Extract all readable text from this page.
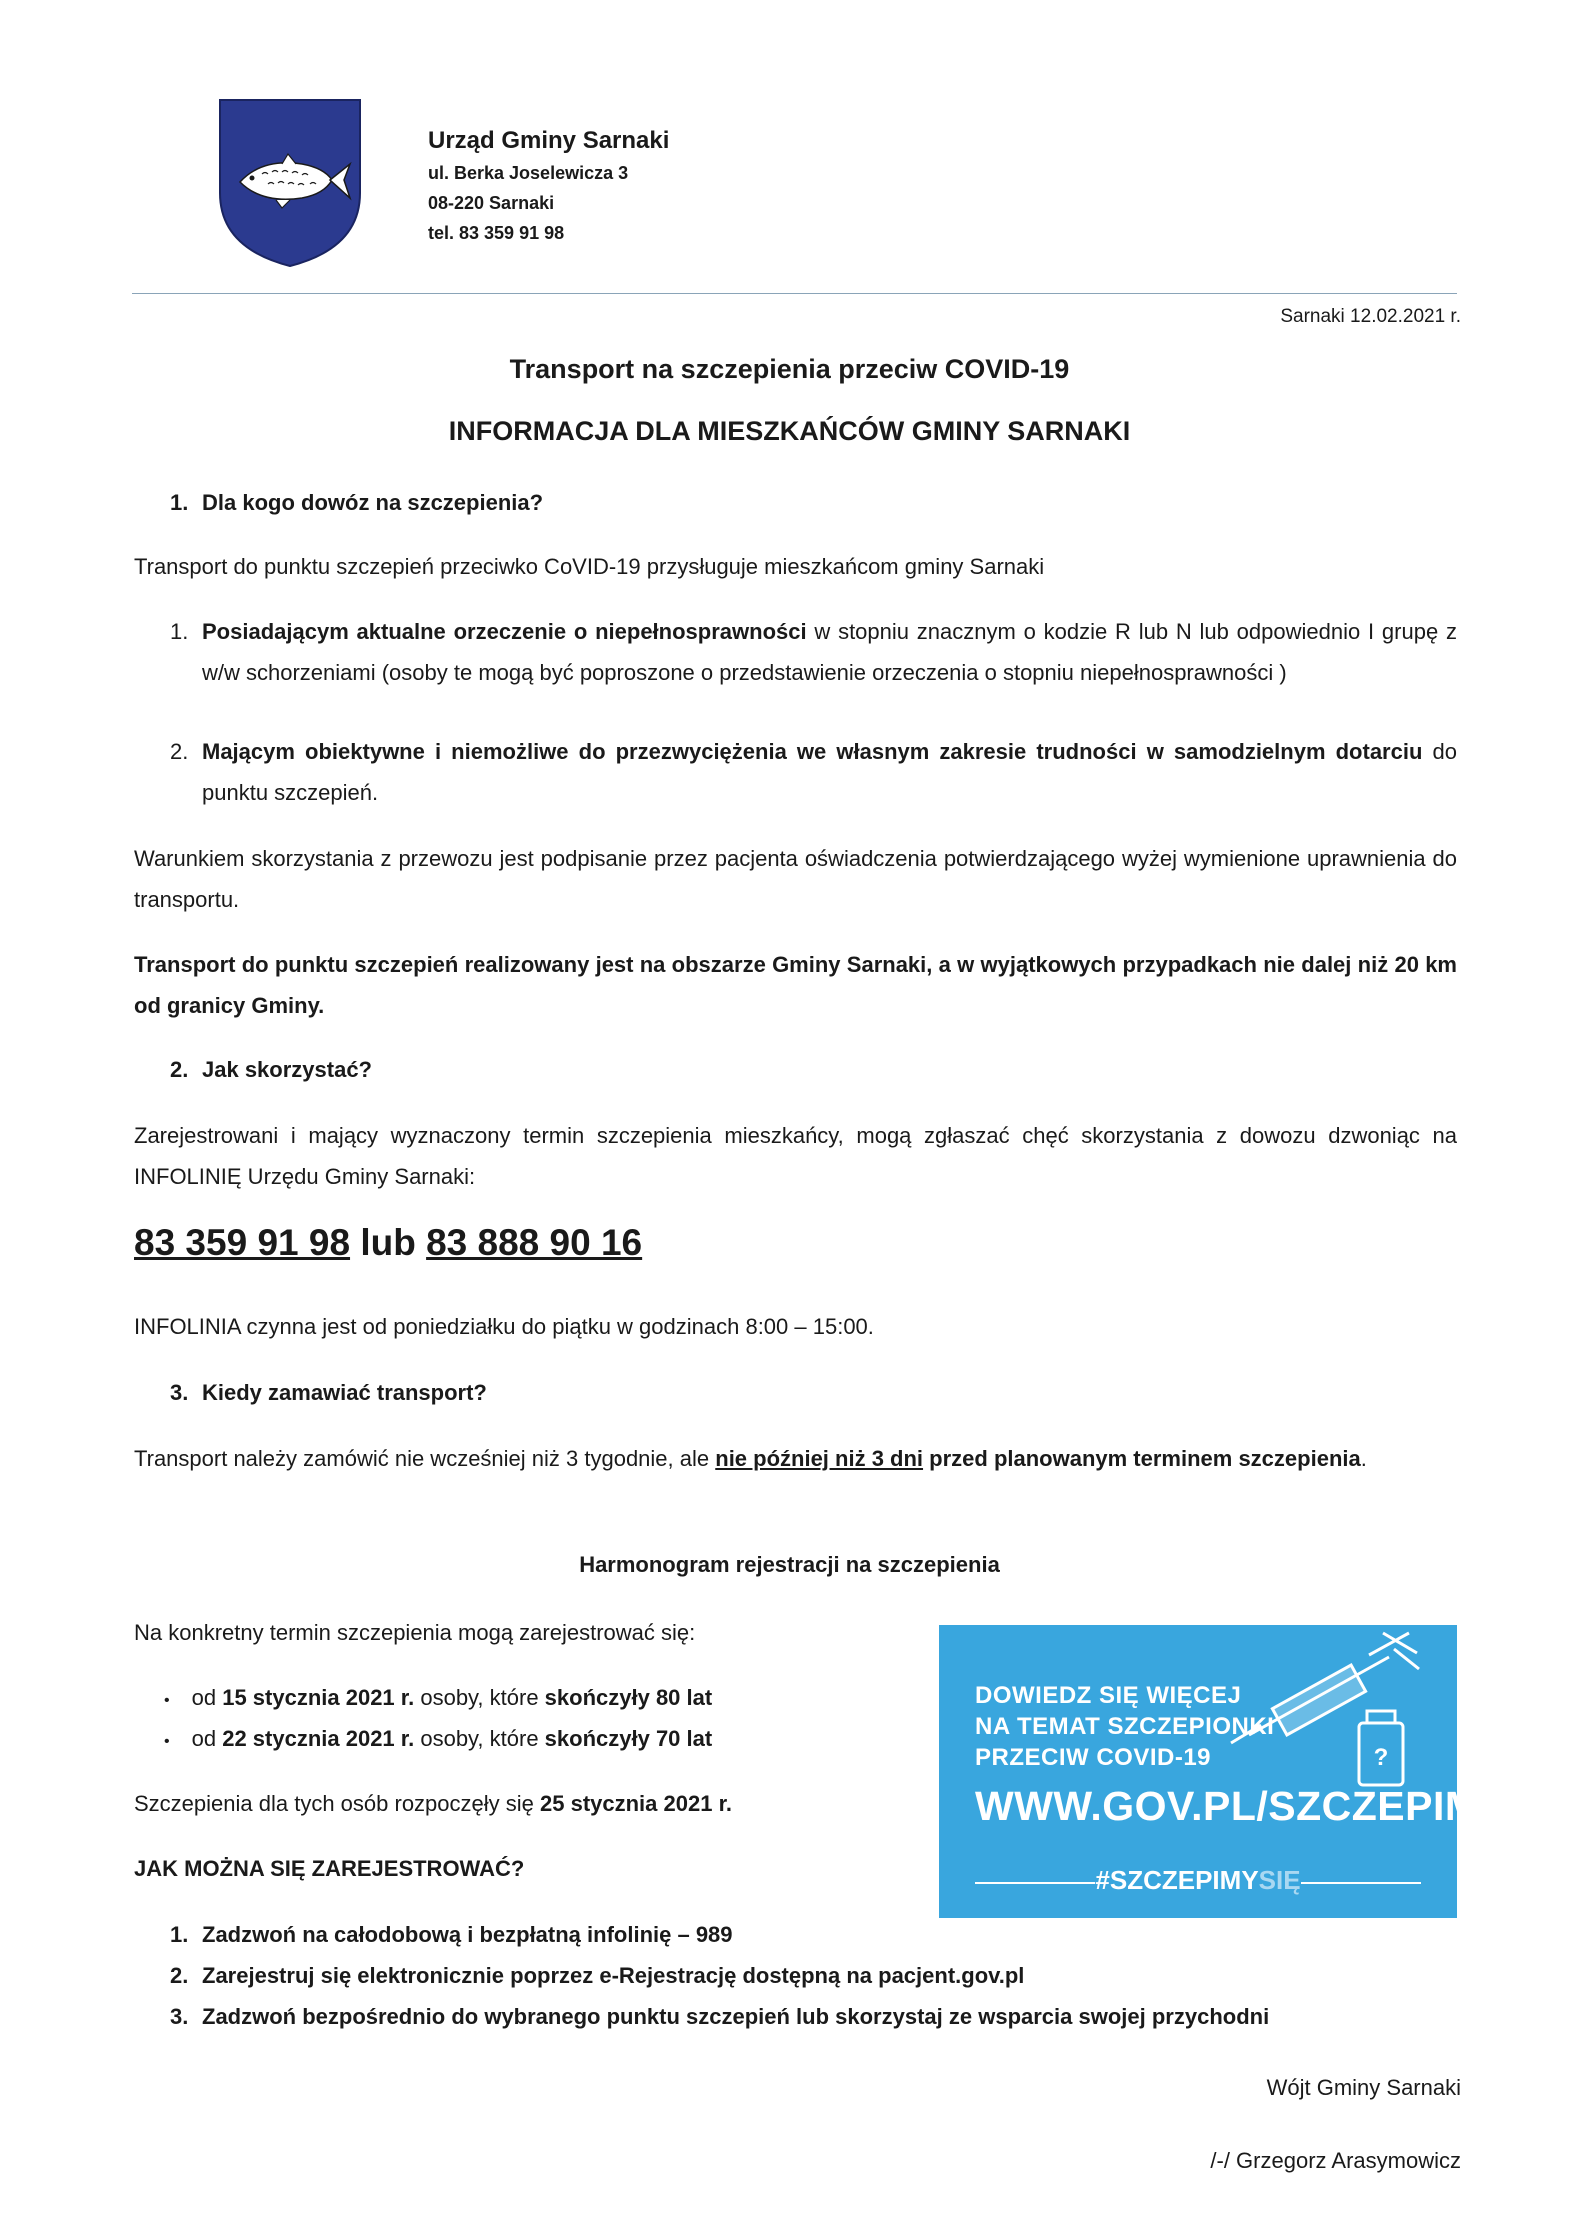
Urząd Gminy Sarnaki
ul. Berka Joselewicza 3
08-220 Sarnaki
tel. 83 359 91 98
Sarnaki 12.02.2021 r.
Transport na szczepienia przeciw COVID-19
INFORMACJA DLA MIESZKAŃCÓW GMINY SARNAKI
1. Dla kogo dowóz na szczepienia?
Transport do punktu szczepień przeciwko CoVID-19 przysługuje mieszkańcom gminy Sarnaki
1. Posiadającym aktualne orzeczenie o niepełnosprawności w stopniu znacznym o kodzie R lub N lub odpowiednio I grupę z w/w schorzeniami (osoby te mogą być poproszone o przedstawienie orzeczenia o stopniu niepełnosprawności )
2. Mającym obiektywne i niemożliwe do przezwyciężenia we własnym zakresie trudności w samodzielnym dotarciu do punktu szczepień.
Warunkiem skorzystania z przewozu jest podpisanie przez pacjenta oświadczenia potwierdzającego wyżej wymienione uprawnienia do transportu.
Transport do punktu szczepień realizowany jest na obszarze Gminy Sarnaki, a w wyjątkowych przypadkach nie dalej niż 20 km od granicy Gminy.
2. Jak skorzystać?
Zarejestrowani i mający wyznaczony termin szczepienia mieszkańcy, mogą zgłaszać chęć skorzystania z dowozu dzwoniąc na INFOLINIĘ Urzędu Gminy Sarnaki:
83 359 91 98 lub 83 888 90 16
INFOLINIA czynna jest od poniedziałku do piątku w godzinach 8:00 – 15:00.
3. Kiedy zamawiać transport?
Transport należy zamówić nie wcześniej niż 3 tygodnie, ale nie później niż 3 dni przed planowanym terminem szczepienia.
Harmonogram rejestracji na szczepienia
Na konkretny termin szczepienia mogą zarejestrować się:
• od 15 stycznia 2021 r. osoby, które skończyły 80 lat
• od 22 stycznia 2021 r. osoby, które skończyły 70 lat
Szczepienia dla tych osób rozpoczęły się 25 stycznia 2021 r.
JAK MOŻNA SIĘ ZAREJESTROWAĆ?
1. Zadzwoń na całodobową i bezpłatną infolinię – 989
2. Zarejestruj się elektronicznie poprzez e-Rejestrację dostępną na pacjent.gov.pl
3. Zadzwoń bezpośrednio do wybranego punktu szczepień lub skorzystaj ze wsparcia swojej przychodni
?
DOWIEDZ SIĘ WIĘCEJ
NA TEMAT SZCZEPIONKI
PRZECIW COVID-19
WWW.GOV.PL/SZCZEPIMYSIE
#SZCZEPIMYSIĘ
Wójt Gminy Sarnaki
/-/ Grzegorz Arasymowicz
